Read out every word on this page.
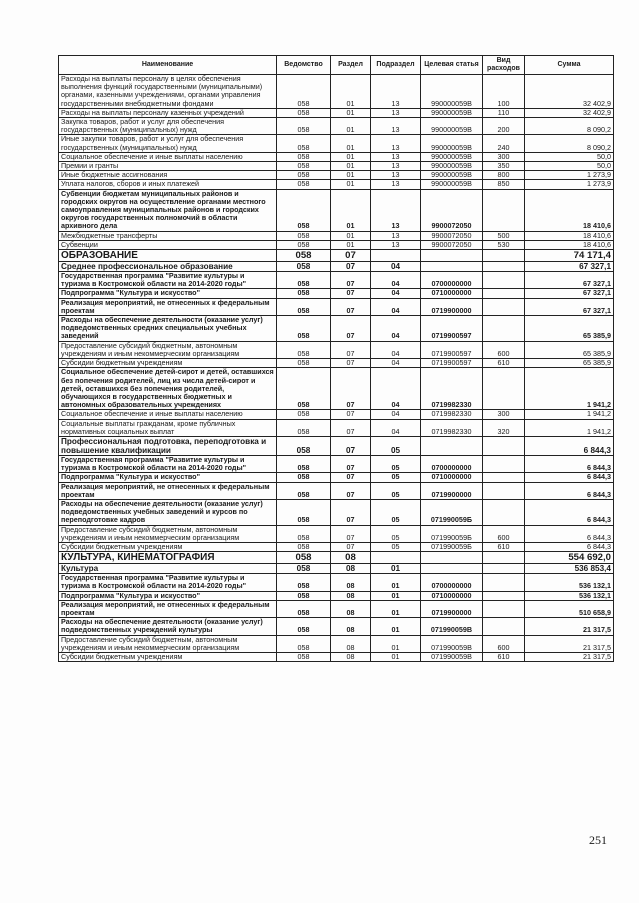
Наименование	Ведомство	Раздел	Подраздел	Целевая статья	Вид расходов	Сумма
Расходы на выплаты персоналу в целях обеспечения выполнения функций государственными (муниципальными) органами, казенными учреждениями, органами управления государственными внебюджетными фондами	058	01	13	990000059В	100	32 402,9
Расходы на выплаты персоналу казенных учреждений	058	01	13	990000059В	110	32 402,9
Закупка товаров, работ и услуг для обеспечения государственных (муниципальных) нужд	058	01	13	990000059В	200	8 090,2
Иные закупки товаров, работ и услуг для обеспечения государственных (муниципальных) нужд	058	01	13	990000059В	240	8 090,2
Социальное обеспечение и иные выплаты населению	058	01	13	990000059В	300	50,0
Премии и гранты	058	01	13	990000059В	350	50,0
Иные бюджетные ассигнования	058	01	13	990000059В	800	1 273,9
Уплата налогов, сборов и иных платежей	058	01	13	990000059В	850	1 273,9
Субвенции бюджетам муниципальных районов и городских округов на осуществление органами местного самоуправления муниципальных районов и городских округов государственных полномочий в области архивного дела	058	01	13	9900072050		18 410,6
Межбюджетные трансферты	058	01	13	9900072050	500	18 410,6
Субвенции	058	01	13	9900072050	530	18 410,6
ОБРАЗОВАНИЕ	058	07				74 171,4
Среднее профессиональное образование	058	07	04			67 327,1
Государственная программа "Развитие культуры и туризма в Костромской области на 2014-2020 годы"	058	07	04	0700000000		67 327,1
Подпрограмма "Культура и искусство"	058	07	04	0710000000		67 327,1
Реализация мероприятий, не отнесенных к федеральным проектам	058	07	04	0719900000		67 327,1
Расходы на обеспечение деятельности (оказание услуг) подведомственных средних специальных учебных заведений	058	07	04	0719900597		65 385,9
Предоставление субсидий бюджетным, автономным учреждениям и иным некоммерческим организациям	058	07	04	0719900597	600	65 385,9
Субсидии бюджетным учреждениям	058	07	04	0719900597	610	65 385,9
Социальное обеспечение детей-сирот и детей, оставшихся без попечения родителей, лиц из числа детей-сирот и детей, оставшихся без попечения родителей, обучающихся в государственных бюджетных и автономных образовательных учреждениях	058	07	04	0719982330		1 941,2
Социальное обеспечение и иные выплаты населению	058	07	04	0719982330	300	1 941,2
Социальные выплаты гражданам, кроме публичных нормативных социальных выплат	058	07	04	0719982330	320	1 941,2
Профессиональная подготовка, переподготовка и повышение квалификации	058	07	05			6 844,3
Государственная программа "Развитие культуры и туризма в Костромской области на 2014-2020 годы"	058	07	05	0700000000		6 844,3
Подпрограмма "Культура и искусство"	058	07	05	0710000000		6 844,3
Реализация мероприятий, не отнесенных к федеральным проектам	058	07	05	0719900000		6 844,3
Расходы на обеспечение деятельности (оказание услуг) подведомственных учебных заведений и курсов по переподготовке кадров	058	07	05	071990059Б		6 844,3
Предоставление субсидий бюджетным, автономным учреждениям и иным некоммерческим организациям	058	07	05	071990059Б	600	6 844,3
Субсидии бюджетным учреждениям	058	07	05	071990059Б	610	6 844,3
КУЛЬТУРА, КИНЕМАТОГРАФИЯ	058	08				554 692,0
Культура	058	08	01			536 853,4
Государственная программа "Развитие культуры и туризма в Костромской области на 2014-2020 годы"	058	08	01	0700000000		536 132,1
Подпрограмма "Культура и искусство"	058	08	01	0710000000		536 132,1
Реализация мероприятий, не отнесенных к федеральным проектам	058	08	01	0719900000		510 658,9
Расходы на обеспечение деятельности (оказание услуг) подведомственных учреждений культуры	058	08	01	071990059В		21 317,5
Предоставление субсидий бюджетным, автономным учреждениям и иным некоммерческим организациям	058	08	01	071990059В	600	21 317,5
Субсидии бюджетным учреждениям	058	08	01	071990059В	610	21 317,5
251
